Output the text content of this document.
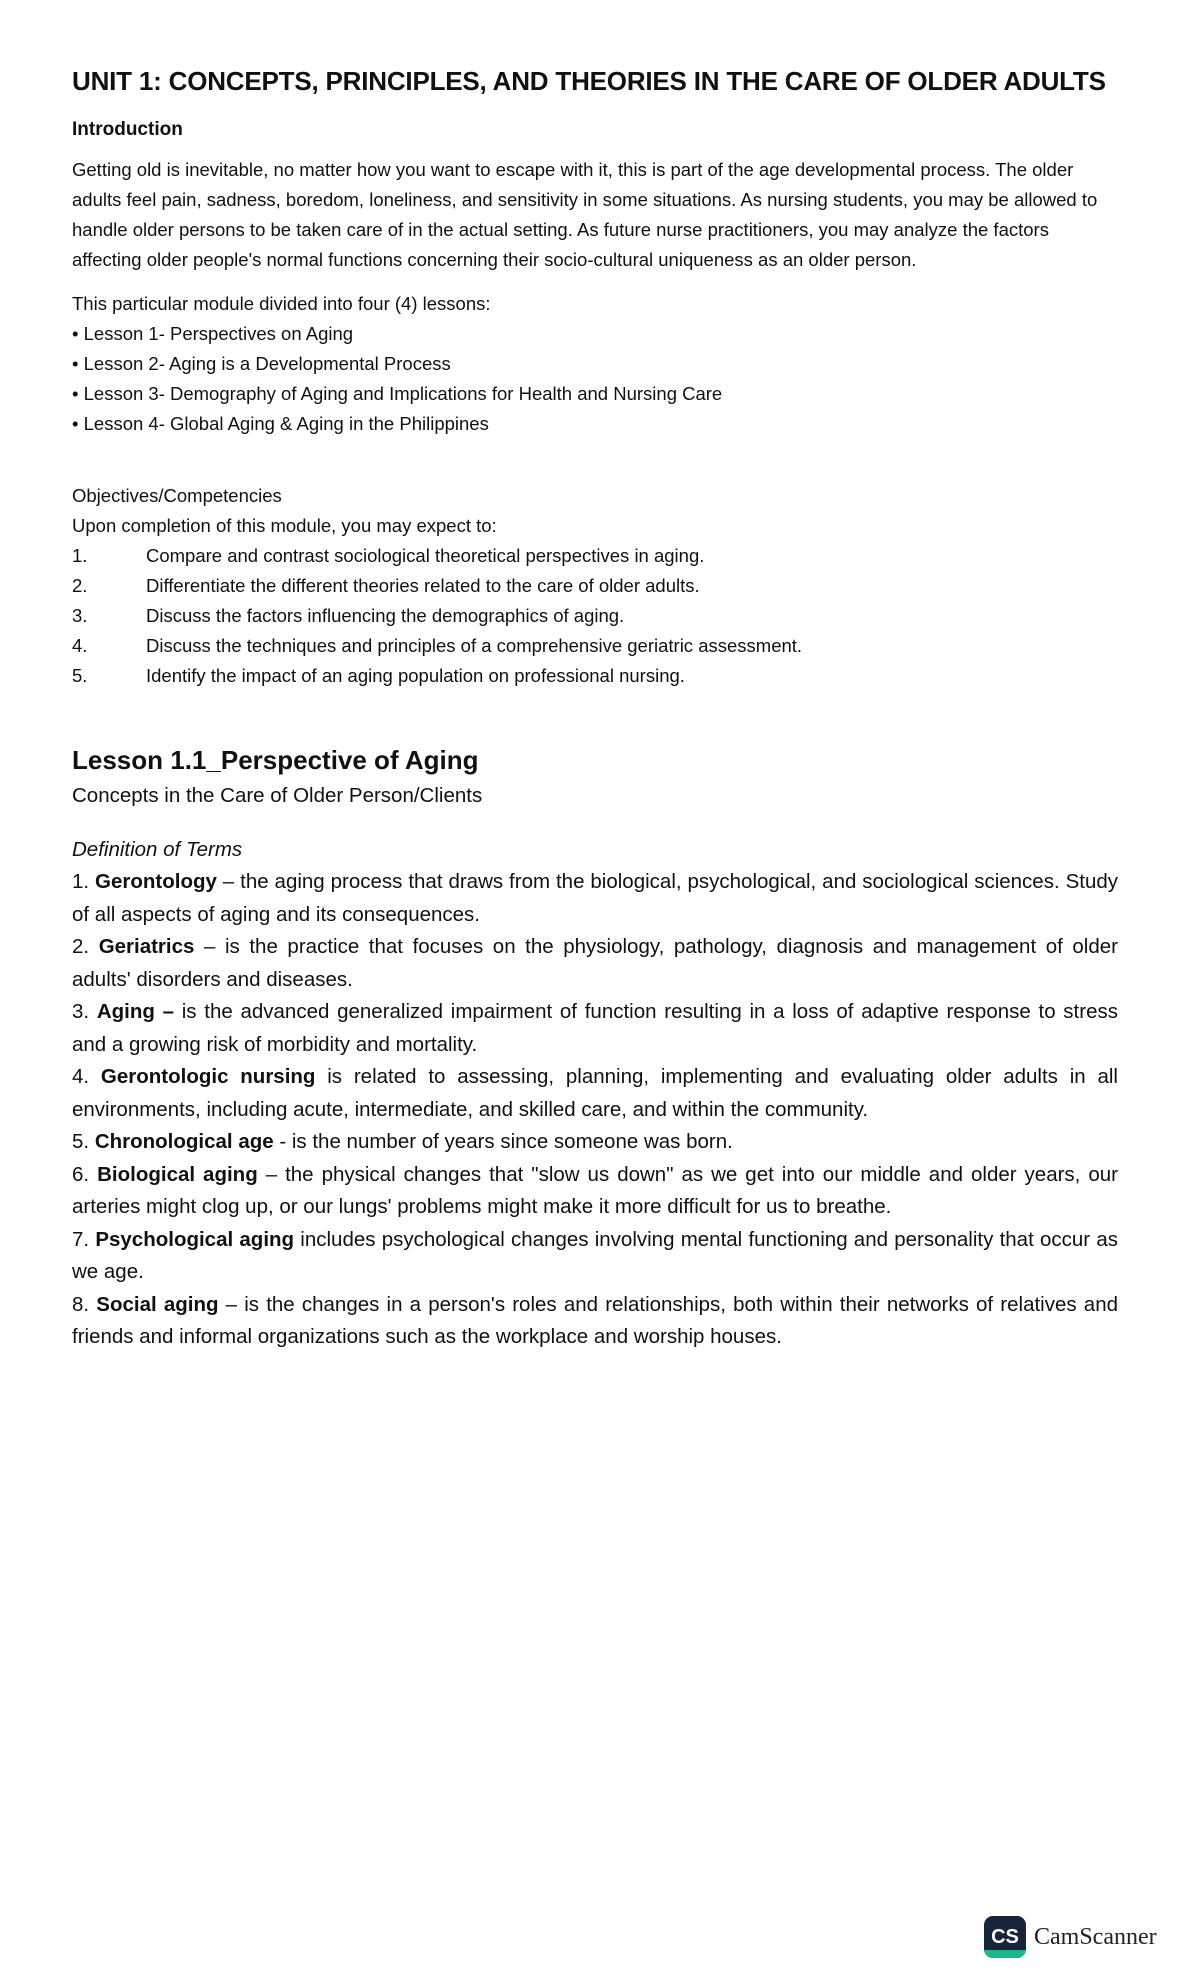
UNIT 1: CONCEPTS, PRINCIPLES, AND THEORIES IN THE CARE OF OLDER ADULTS
Introduction

Getting old is inevitable, no matter how you want to escape with it, this is part of the age developmental process. The older adults feel pain, sadness, boredom, loneliness, and sensitivity in some situations. As nursing students, you may be allowed to handle older persons to be taken care of in the actual setting. As future nurse practitioners, you may analyze the factors affecting older people's normal functions concerning their socio-cultural uniqueness as an older person.

This particular module divided into four (4) lessons:

• Lesson 1- Perspectives on Aging

• Lesson 2- Aging is a Developmental Process

• Lesson 3- Demography of Aging and Implications for Health and Nursing Care

• Lesson 4- Global Aging & Aging in the Philippines

Objectives/Competencies

Upon completion of this module, you may expect to:

1.	Compare and contrast sociological theoretical perspectives in aging.
2.	Differentiate the different theories related to the care of older adults.
3.	Discuss the factors influencing the demographics of aging.
4.	Discuss the techniques and principles of a comprehensive geriatric assessment.
5.	Identify the impact of an aging population on professional nursing.
Lesson 1.1_Perspective of Aging

Concepts in the Care of Older Person/Clients

Definition of Terms

1. Gerontology – the aging process that draws from the biological, psychological, and sociological sciences. Study of all aspects of aging and its consequences.

2. Geriatrics – is the practice that focuses on the physiology, pathology, diagnosis and management of older adults' disorders and diseases.

3. Aging – is the advanced generalized impairment of function resulting in a loss of adaptive response to stress and a growing risk of morbidity and mortality.

4. Gerontologic nursing is related to assessing, planning, implementing and evaluating older adults in all environments, including acute, intermediate, and skilled care, and within the community.

5. Chronological age - is the number of years since someone was born.

6. Biological aging – the physical changes that "slow us down" as we get into our middle and older years, our arteries might clog up, or our lungs' problems might make it more difficult for us to breathe.

7. Psychological aging includes psychological changes involving mental functioning and personality that occur as we age.

8. Social aging – is the changes in a person's roles and relationships, both within their networks of relatives and friends and informal organizations such as the workplace and worship houses.

CS CamScanner
